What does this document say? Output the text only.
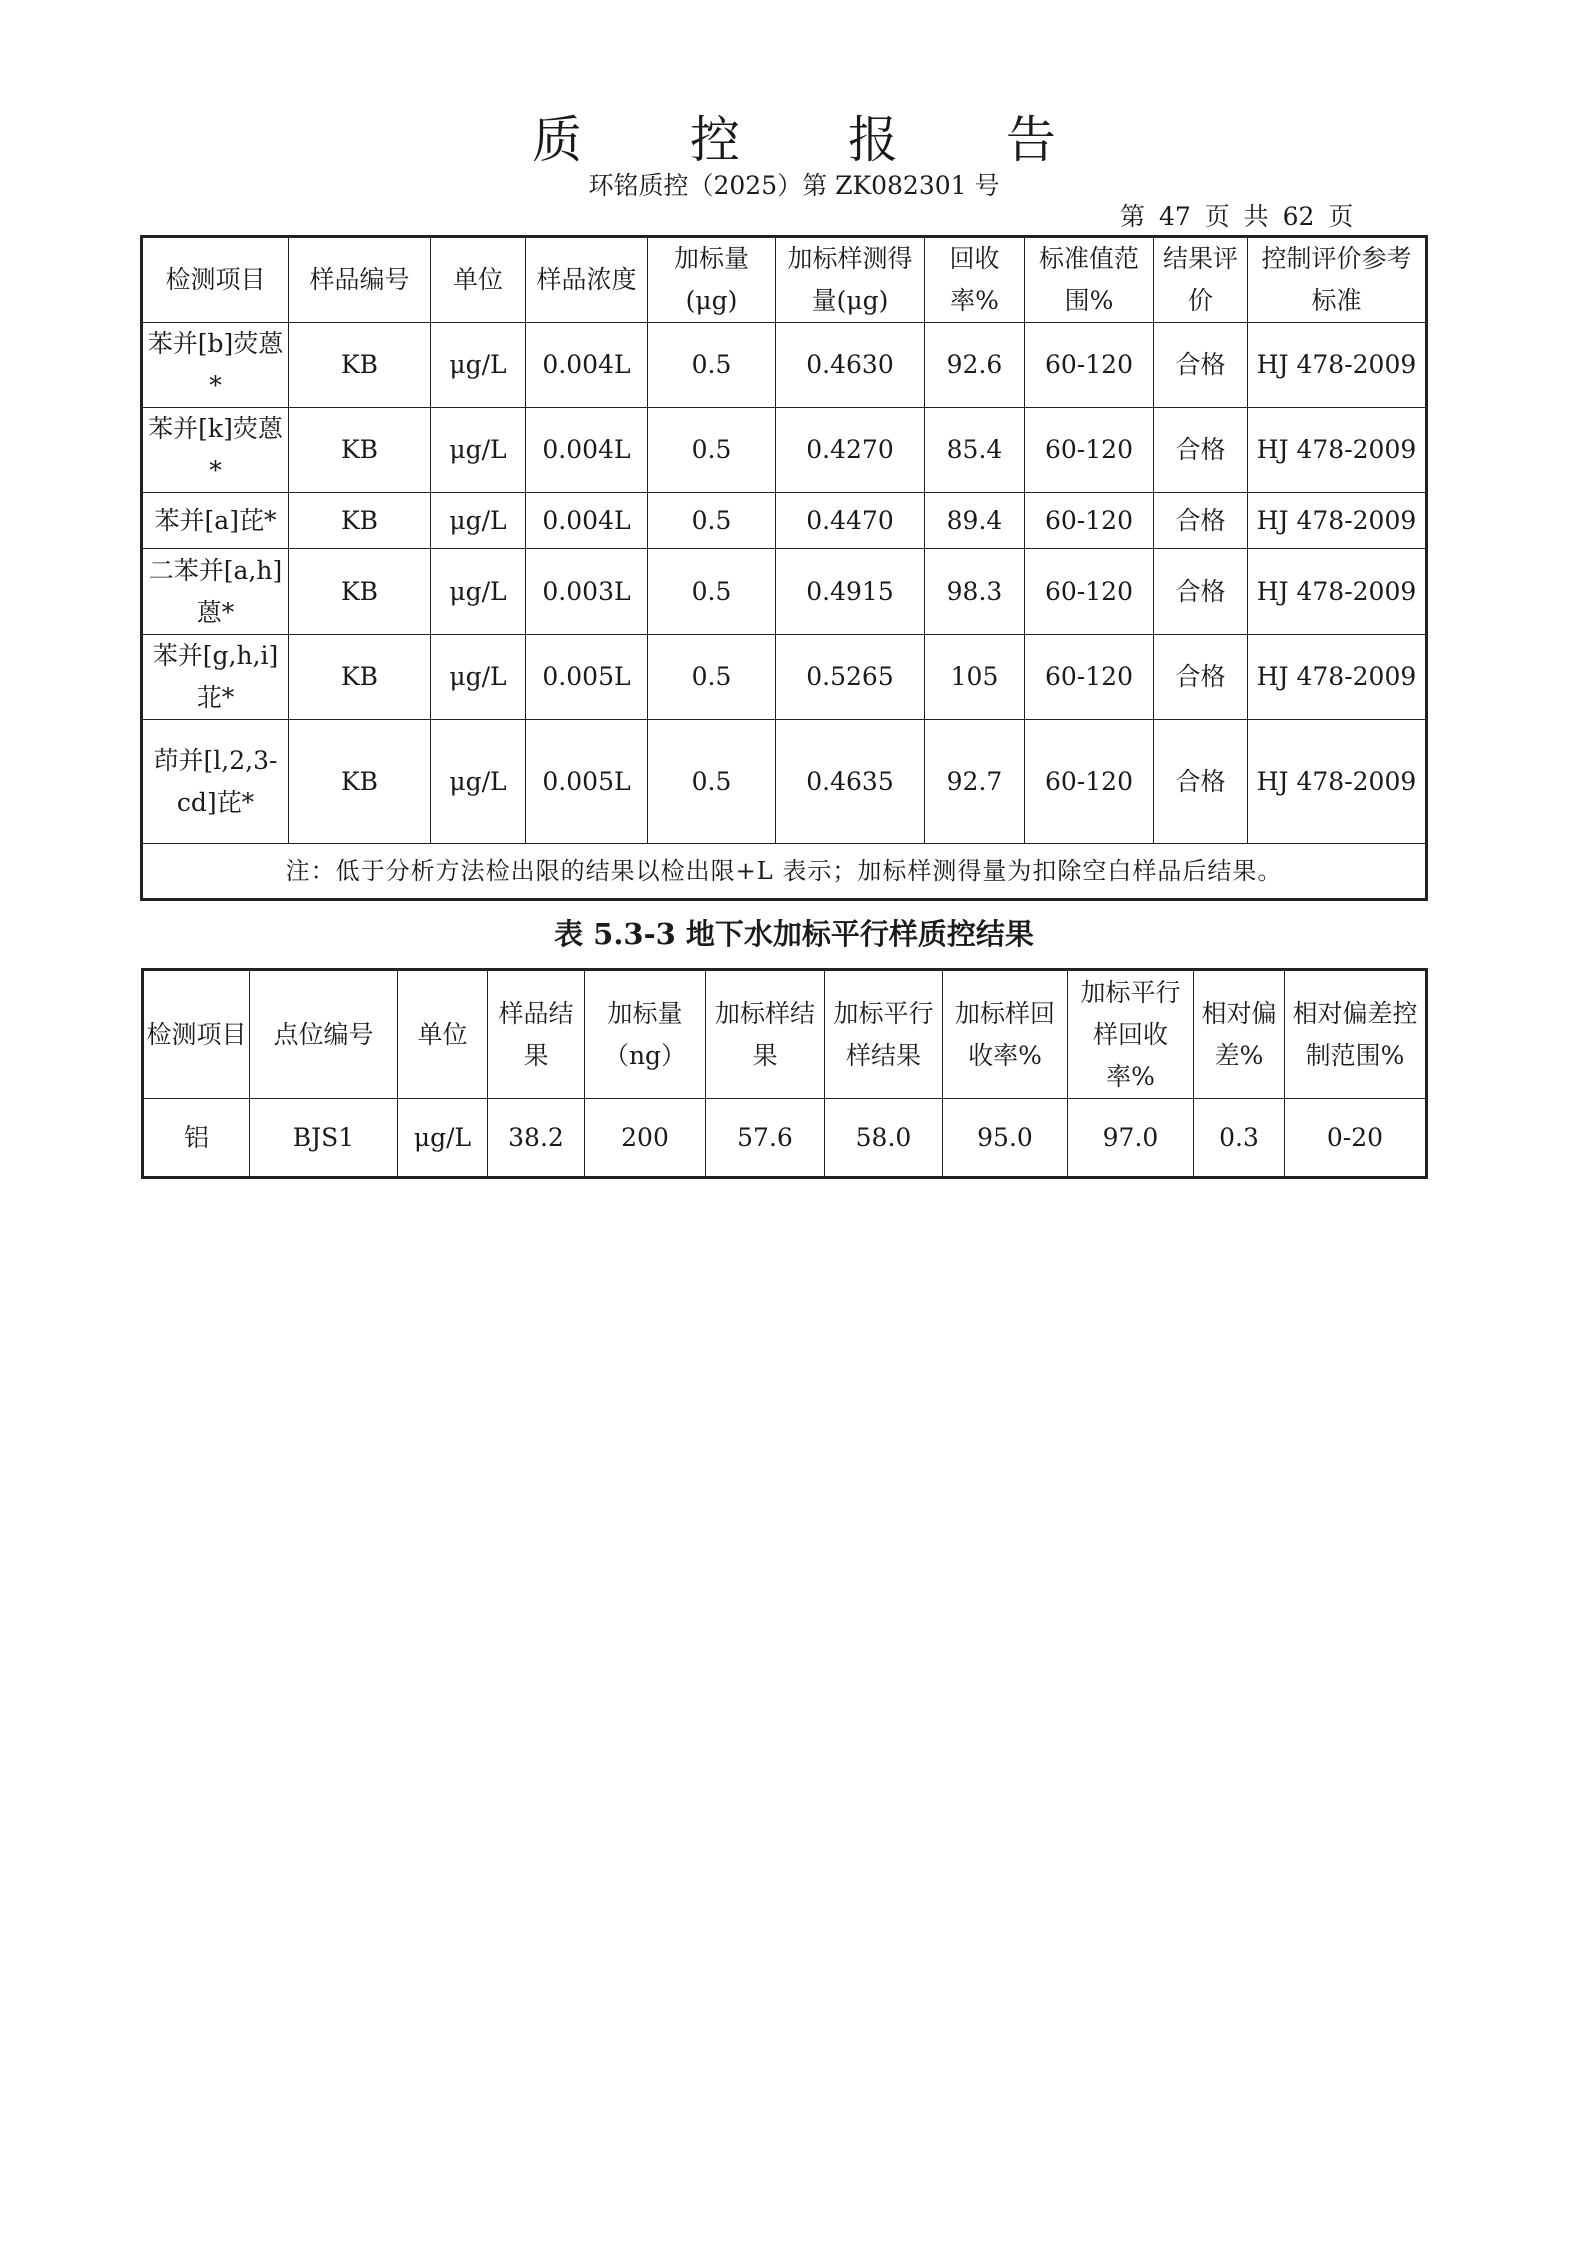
质 控 报 告
环铭质控（2025）第 ZK082301 号
第 47 页 共 62 页
检测项目	样品编号	单位	样品浓度	加标量(μg)	加标样测得量(μg)	回收率%	标准值范围%	结果评价	控制评价参考标准
苯并[b]荧蒽*	KB	μg/L	0.004L	0.5	0.4630	92.6	60-120	合格	HJ 478-2009
苯并[k]荧蒽*	KB	μg/L	0.004L	0.5	0.4270	85.4	60-120	合格	HJ 478-2009
苯并[a]芘*	KB	μg/L	0.004L	0.5	0.4470	89.4	60-120	合格	HJ 478-2009
二苯并[a,h]蒽*	KB	μg/L	0.003L	0.5	0.4915	98.3	60-120	合格	HJ 478-2009
苯并[g,h,i]苝*	KB	μg/L	0.005L	0.5	0.5265	105	60-120	合格	HJ 478-2009
茚并[l,2,3-cd]芘*	KB	μg/L	0.005L	0.5	0.4635	92.7	60-120	合格	HJ 478-2009
注：低于分析方法检出限的结果以检出限+L 表示；加标样测得量为扣除空白样品后结果。									
表 5.3-3 地下水加标平行样质控结果
检测项目	点位编号	单位	样品结果	加标量（ng）	加标样结果	加标平行样结果	加标样回收率%	加标平行样回收率%	相对偏差%	相对偏差控制范围%
铝	BJS1	μg/L	38.2	200	57.6	58.0	95.0	97.0	0.3	0-20
